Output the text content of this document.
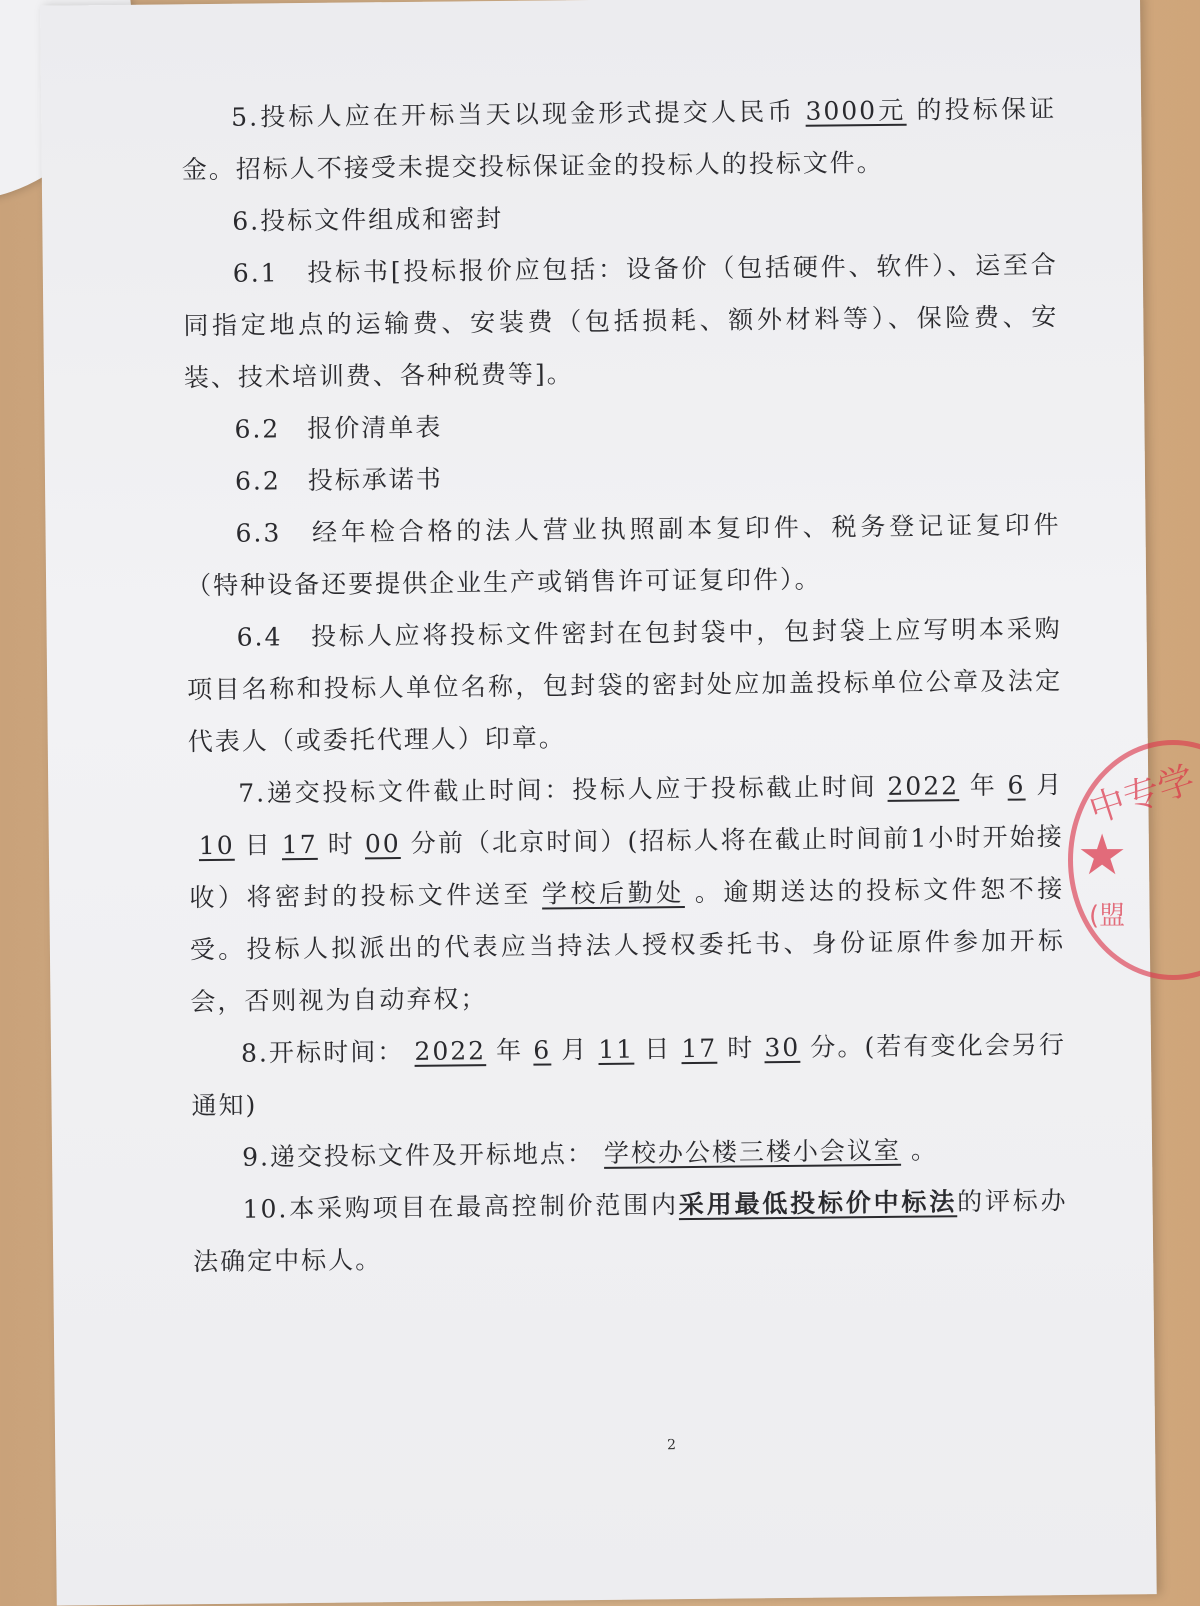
5.投标人应在开标当天以现金形式提交人民币 3000元 的投标保证金。招标人不接受未提交投标保证金的投标人的投标文件。

6.投标文件组成和密封

6.1　投标书[投标报价应包括：设备价（包括硬件、软件）、运至合同指定地点的运输费、安装费（包括损耗、额外材料等）、保险费、安装、技术培训费、各种税费等]。

6.2　报价清单表

6.2　投标承诺书

6.3　经年检合格的法人营业执照副本复印件、税务登记证复印件（特种设备还要提供企业生产或销售许可证复印件）。

6.4　投标人应将投标文件密封在包封袋中，包封袋上应写明本采购项目名称和投标人单位名称，包封袋的密封处应加盖投标单位公章及法定代表人（或委托代理人）印章。

7.递交投标文件截止时间：投标人应于投标截止时间 2022 年 6 月10 日 17 时 00 分前（北京时间）(招标人将在截止时间前1小时开始接收）将密封的投标文件送至 学校后勤处 。逾期送达的投标文件恕不接受。投标人拟派出的代表应当持法人授权委托书、身份证原件参加开标会，否则视为自动弃权；

8.开标时间： 2022 年 6 月 11 日 17 时 30 分。(若有变化会另行通知)

9.递交投标文件及开标地点： 学校办公楼三楼小会议室 。

10.本采购项目在最高控制价范围内采用最低投标价中标法的评标办法确定中标人。

2
中专学
★
(盟
